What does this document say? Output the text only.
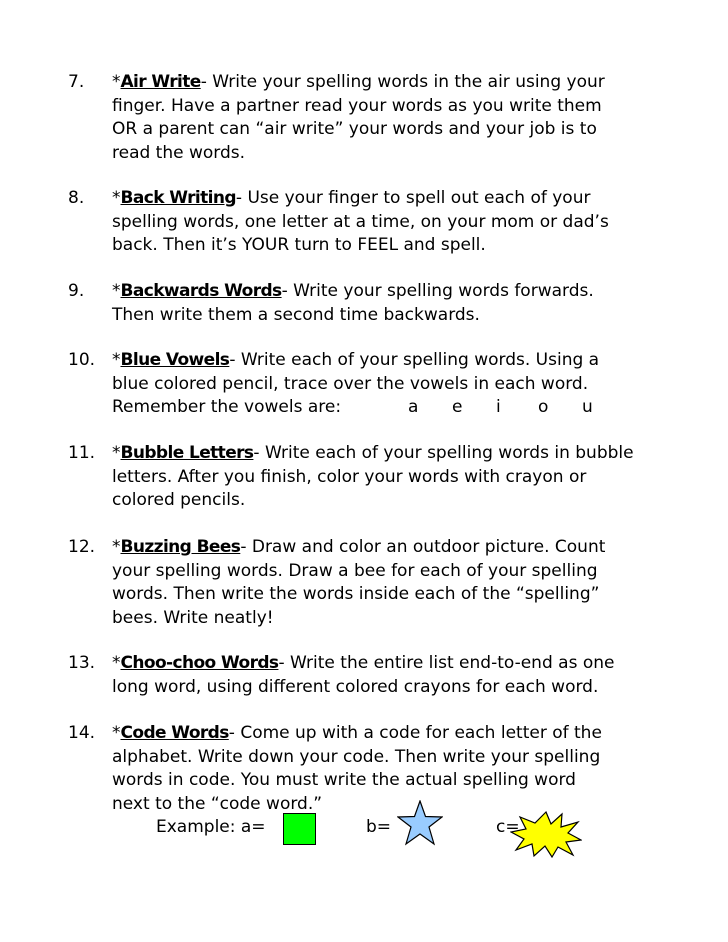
7. *Air Write- Write your spelling words in the air using your

finger. Have a partner read your words as you write them

OR a parent can “air write” your words and your job is to

read the words.

8. *Back Writing- Use your finger to spell out each of your

spelling words, one letter at a time, on your mom or dad’s

back. Then it’s YOUR turn to FEEL and spell.

9. *Backwards Words- Write your spelling words forwards.

Then write them a second time backwards.

10. *Blue Vowels- Write each of your spelling words. Using a

blue colored pencil, trace over the vowels in each word.

Remember the vowels are:	a e i o u

11. *Bubble Letters- Write each of your spelling words in bubble

letters. After you finish, color your words with crayon or

colored pencils.

12. *Buzzing Bees- Draw and color an outdoor picture. Count

your spelling words. Draw a bee for each of your spelling

words. Then write the words inside each of the “spelling”

bees. Write neatly!

13. *Choo-choo Words- Write the entire list end-to-end as one

long word, using different colored crayons for each word.

14. *Code Words- Come up with a code for each letter of the

alphabet. Write down your code. Then write your spelling

words in code. You must write the actual spelling word

next to the “code word.”

Example: a=	b=	c=
